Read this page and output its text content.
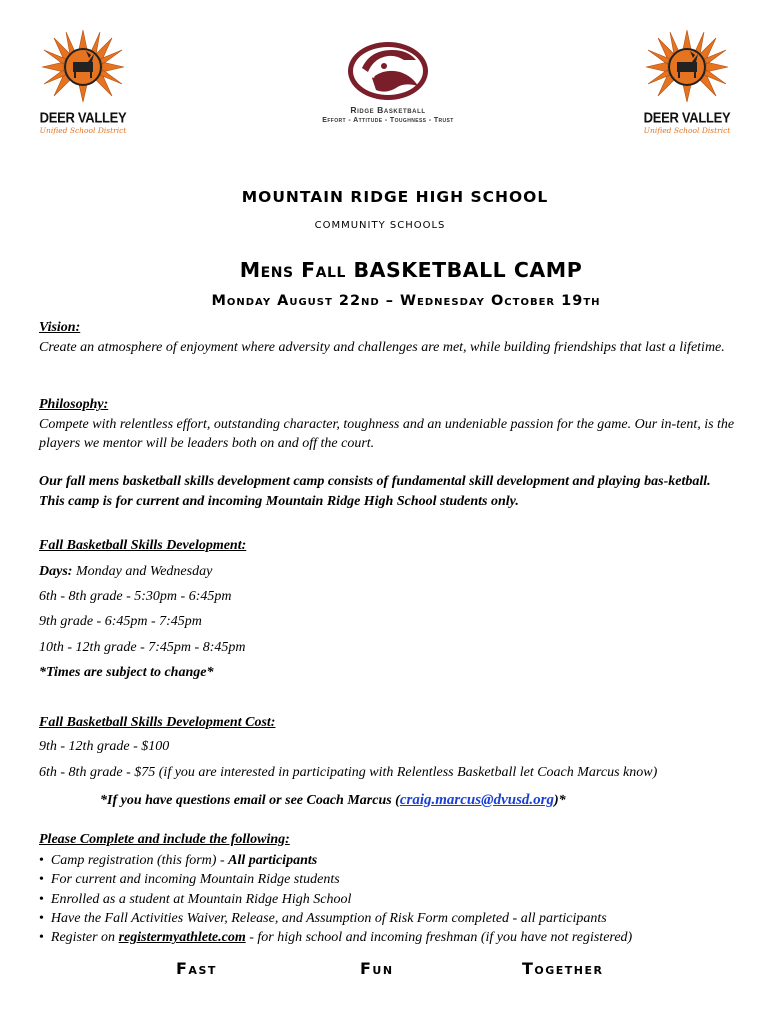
DEER VALLEY
Unified School District
Ridge Basketball
Effort - Attitude - Toughness - Trust	DEER VALLEY
Unified School District
MOUNTAIN RIDGE HIGH SCHOOL
COMMUNITY SCHOOLS
Mens Fall BASKETBALL CAMP
Monday August 22nd – Wednesday October 19th
Vision:
Create an atmosphere of enjoyment where adversity and challenges are met, while building friendships that last a lifetime.
Philosophy:
Compete with relentless effort, outstanding character, toughness and an undeniable passion for the game. Our in-tent, is the players we mentor will be leaders both on and off the court.
Our fall mens basketball skills development camp consists of fundamental skill development and playing bas-ketball. This camp is for current and incoming Mountain Ridge High School students only.
Fall Basketball Skills Development:
Days: Monday and Wednesday
6th - 8th grade - 5:30pm - 6:45pm
9th grade - 6:45pm - 7:45pm
10th - 12th grade - 7:45pm - 8:45pm
*Times are subject to change*
Fall Basketball Skills Development Cost:
9th - 12th grade - $100
6th - 8th grade - $75 (if you are interested in participating with Relentless Basketball let Coach Marcus know)
*If you have questions email or see Coach Marcus (craig.marcus@dvusd.org)*
Please Complete and include the following:
• Camp registration (this form) - All participants
• For current and incoming Mountain Ridge students
• Enrolled as a student at Mountain Ridge High School
• Have the Fall Activities Waiver, Release, and Assumption of Risk Form completed - all participants
• Register on registermyathlete.com - for high school and incoming freshman (if you have not registered)
Fast	Fun	Together
